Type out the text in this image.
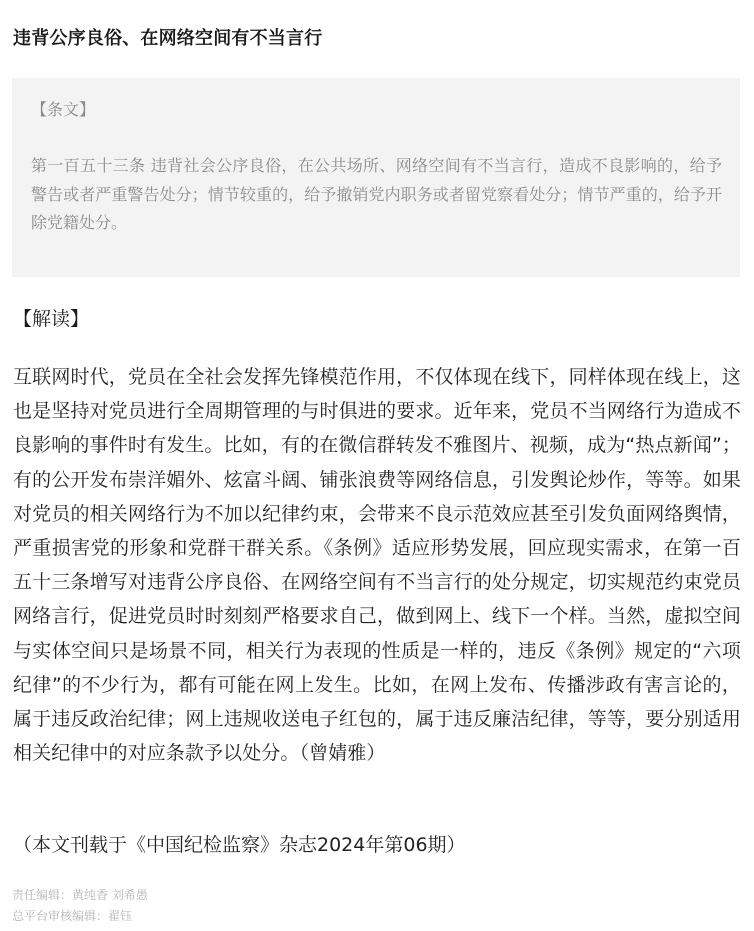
违背公序良俗、在网络空间有不当言行
【条文】
第一百五十三条 违背社会公序良俗，在公共场所、网络空间有不当言行，造成不良影响的，给予警告或者严重警告处分；情节较重的，给予撤销党内职务或者留党察看处分；情节严重的，给予开除党籍处分。
【解读】
互联网时代，党员在全社会发挥先锋模范作用，不仅体现在线下，同样体现在线上，这也是坚持对党员进行全周期管理的与时俱进的要求。近年来，党员不当网络行为造成不良影响的事件时有发生。比如，有的在微信群转发不雅图片、视频，成为“热点新闻”；有的公开发布崇洋媚外、炫富斗阔、铺张浪费等网络信息，引发舆论炒作，等等。如果对党员的相关网络行为不加以纪律约束，会带来不良示范效应甚至引发负面网络舆情，严重损害党的形象和党群干群关系。《条例》适应形势发展，回应现实需求，在第一百五十三条增写对违背公序良俗、在网络空间有不当言行的处分规定，切实规范约束党员网络言行，促进党员时时刻刻严格要求自己，做到网上、线下一个样。当然，虚拟空间与实体空间只是场景不同，相关行为表现的性质是一样的，违反《条例》规定的“六项纪律”的不少行为，都有可能在网上发生。比如，在网上发布、传播涉政有害言论的，属于违反政治纪律；网上违规收送电子红包的，属于违反廉洁纪律，等等，要分别适用相关纪律中的对应条款予以处分。（曾婧雅）
（本文刊载于《中国纪检监察》杂志2024年第06期）
责任编辑：黄纯香 刘希愚
总平台审核编辑：翟钰
